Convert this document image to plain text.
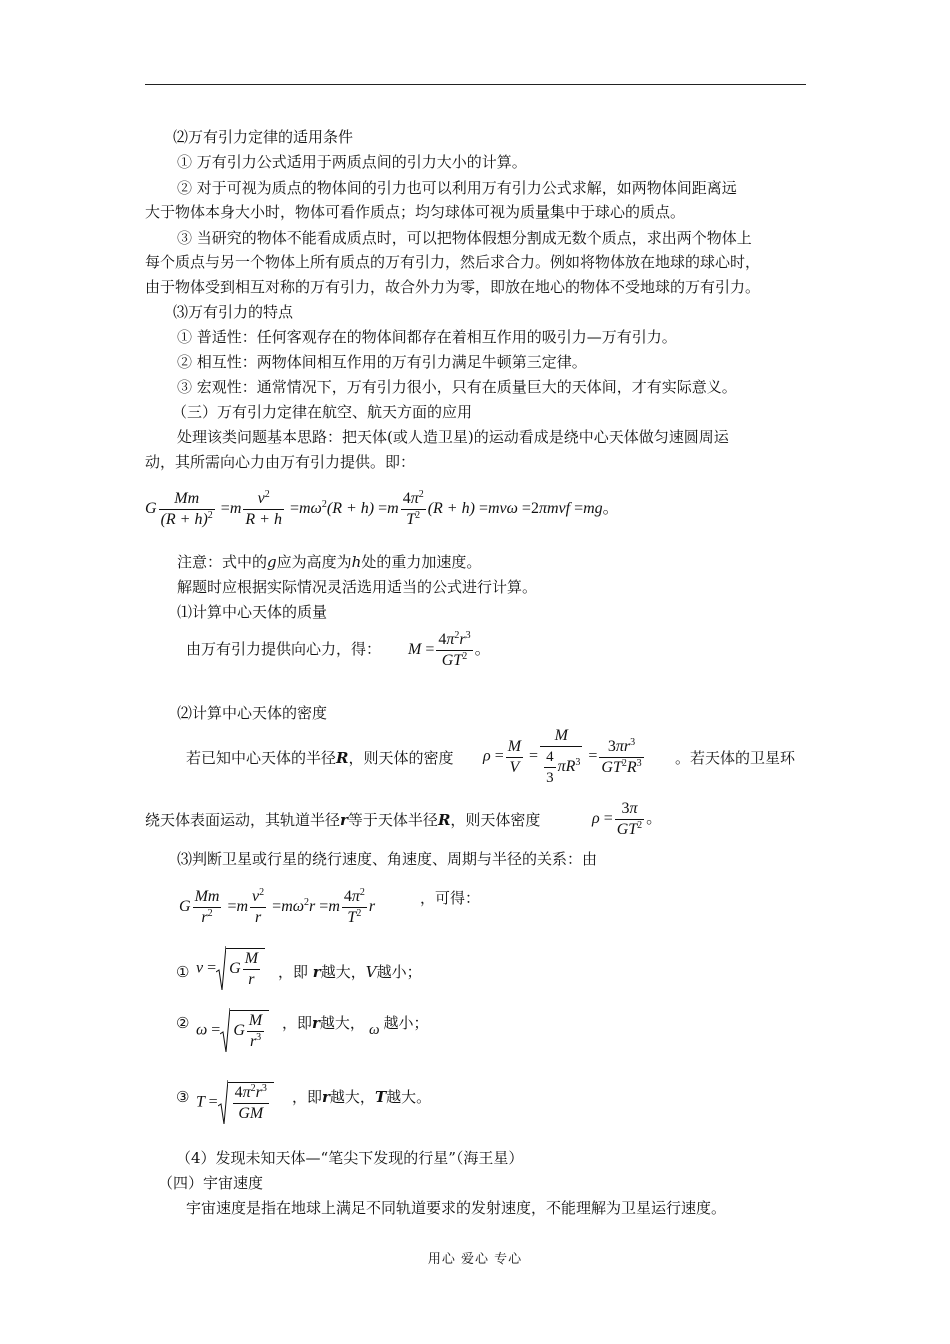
⑵万有引力定律的适用条件
① 万有引力公式适用于两质点间的引力大小的计算。
② 对于可视为质点的物体间的引力也可以利用万有引力公式求解，如两物体间距离远
大于物体本身大小时，物体可看作质点；均匀球体可视为质量集中于球心的质点。
③ 当研究的物体不能看成质点时，可以把物体假想分割成无数个质点，求出两个物体上
每个质点与另一个物体上所有质点的万有引力，然后求合力。例如将物体放在地球的球心时，
由于物体受到相互对称的万有引力，故合外力为零，即放在地心的物体不受地球的万有引力。
⑶万有引力的特点
① 普适性：任何客观存在的物体间都存在着相互作用的吸引力—万有引力。
② 相互性：两物体间相互作用的万有引力满足牛顿第三定律。
③ 宏观性：通常情况下，万有引力很小，只有在质量巨大的天体间，才有实际意义。
（三）万有引力定律在航空、航天方面的应用
处理该类问题基本思路：把天体(或人造卫星)的运动看成是绕中心天体做匀速圆周运
动，其所需向心力由万有引力提供。即：
G $\frac{Mm}{(R + h)^2} =m \frac{v^2}{R + h} =m\omega^2(R + h) =m \frac{4\pi^2}{T^2} (R + h) =mv\omega =2\pi mvf =mg$。
注意：式中的g应为高度为h处的重力加速度。
解题时应根据实际情况灵活选用适当的公式进行计算。
⑴计算中心天体的质量
由万有引力提供向心力，得： $M = \frac{4\pi^2r^3}{GT^2}$ 。
⑵计算中心天体的密度
若已知中心天体的半径R，则天体的密度 $\rho = \frac{M}{V} = \frac{M}{\frac{4}{3} \pi R^3} = \frac{3\pi r^3}{GT^2R^3}$ 。若天体的卫星环
绕天体表面运动，其轨道半径r等于天体半径R，则天体密度	$\rho = \frac{3\pi}{GT^2}$ 。
⑶判断卫星或行星的绕行速度、角速度、周期与半径的关系：由
G $\frac{Mm}{r^2} =m \frac{v^2}{r} =m\omega^2r =m \frac{4\pi^2}{T^2}$ r	，可得：
① v = G $\frac{M}{r}$ ，即 r越大，V越小；
② ω = G $\frac{M}{r^3}$ ，即r越大， ω 越小；
③ $T = \frac{4\pi^2r^3}{GM}$ ，即r越大，T越大。
（4）发现未知天体—“笔尖下发现的行星”（海王星）
（四）宇宙速度
宇宙速度是指在地球上满足不同轨道要求的发射速度，不能理解为卫星运行速度。
用心 爱心 专心
